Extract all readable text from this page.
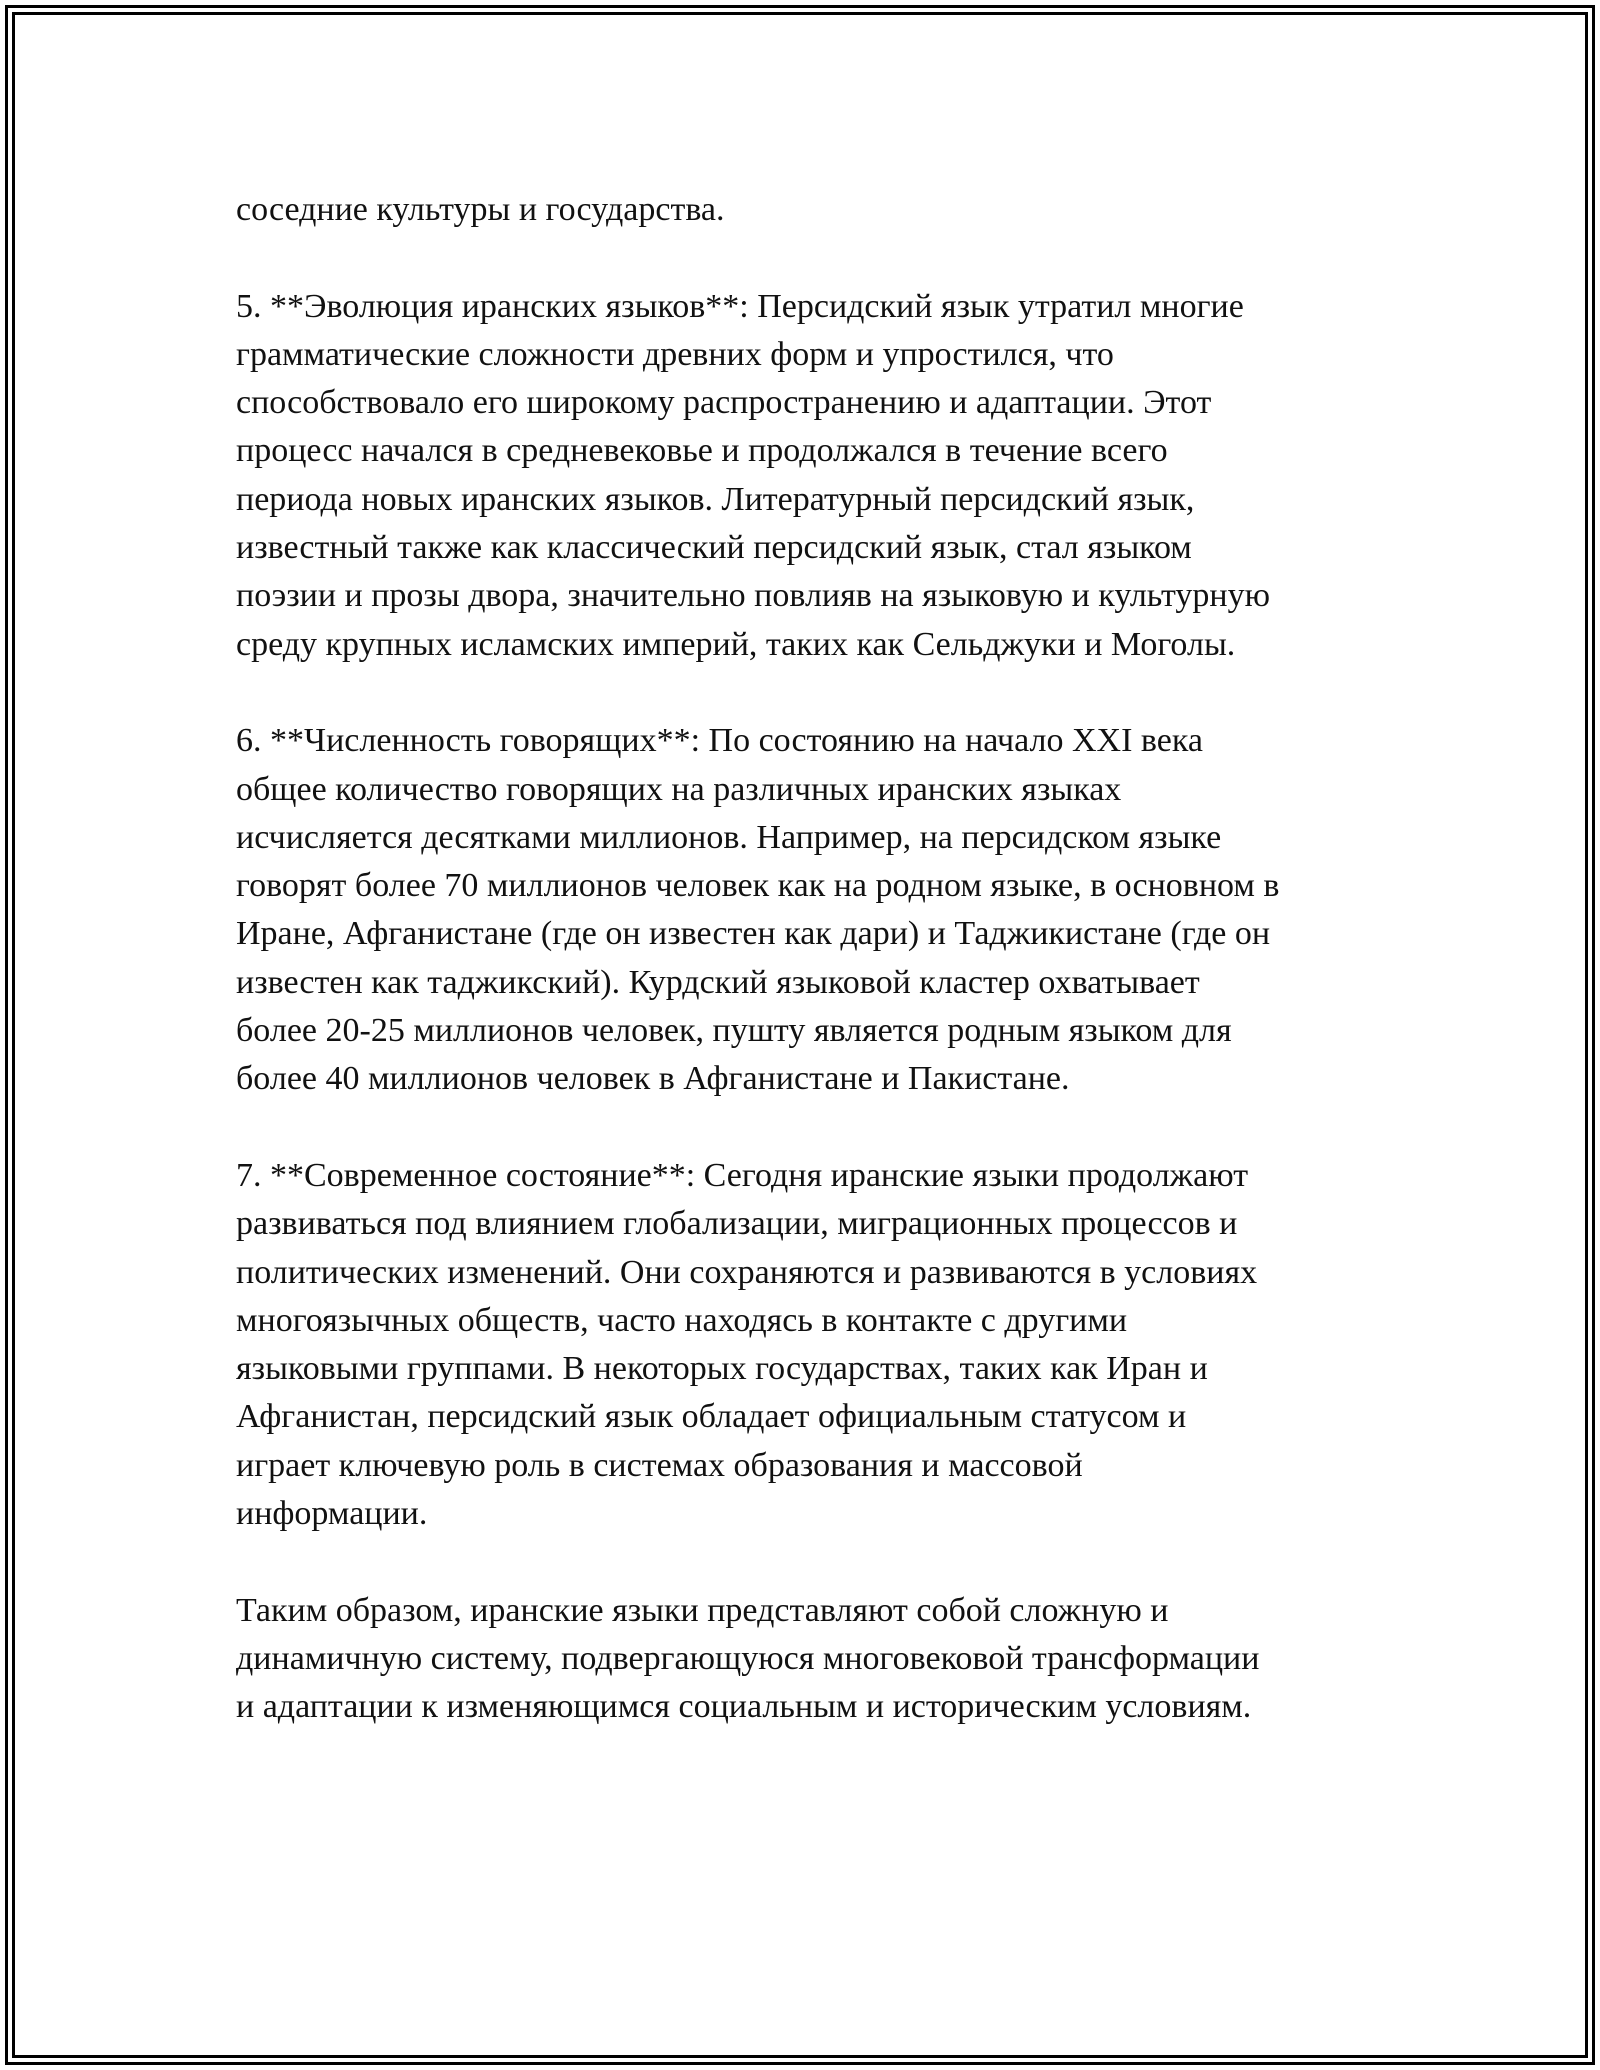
соседние культуры и государства.

5. **Эволюция иранских языков**: Персидский язык утратил многие
грамматические сложности древних форм и упростился, что
способствовало его широкому распространению и адаптации. Этот
процесс начался в средневековье и продолжался в течение всего
периода новых иранских языков. Литературный персидский язык,
известный также как классический персидский язык, стал языком
поэзии и прозы двора, значительно повлияв на языковую и культурную
среду крупных исламских империй, таких как Сельджуки и Моголы.

6. **Численность говорящих**: По состоянию на начало XXI века
общее количество говорящих на различных иранских языках
исчисляется десятками миллионов. Например, на персидском языке
говорят более 70 миллионов человек как на родном языке, в основном в
Иране, Афганистане (где он известен как дари) и Таджикистане (где он
известен как таджикский). Курдский языковой кластер охватывает
более 20-25 миллионов человек, пушту является родным языком для
более 40 миллионов человек в Афганистане и Пакистане.

7. **Современное состояние**: Сегодня иранские языки продолжают
развиваться под влиянием глобализации, миграционных процессов и
политических изменений. Они сохраняются и развиваются в условиях
многоязычных обществ, часто находясь в контакте с другими
языковыми группами. В некоторых государствах, таких как Иран и
Афганистан, персидский язык обладает официальным статусом и
играет ключевую роль в системах образования и массовой
информации.

Таким образом, иранские языки представляют собой сложную и
динамичную систему, подвергающуюся многовековой трансформации
и адаптации к изменяющимся социальным и историческим условиям.
